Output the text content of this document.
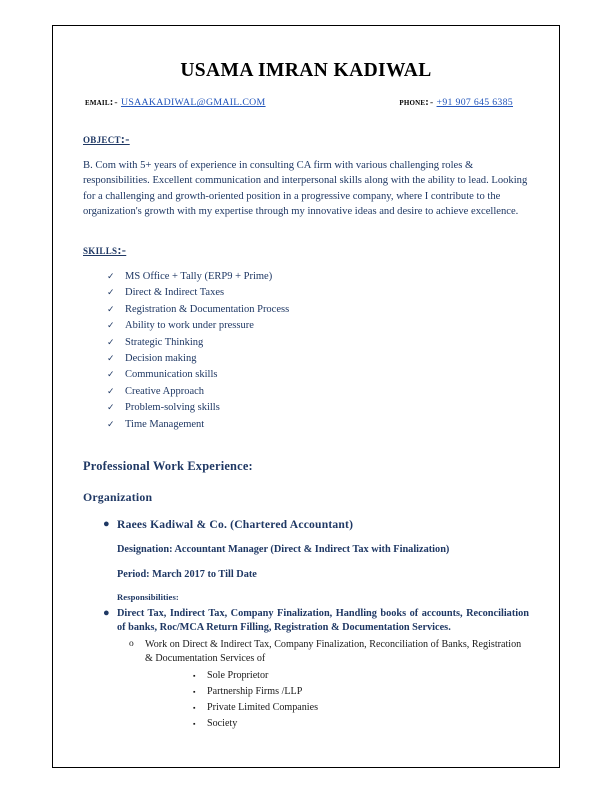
USAMA IMRAN KADIWAL
email:- USAAKADIWAL@GMAIL.COM	phone:- +91 907 645 6385
object:-
B. Com with 5+ years of experience in consulting CA firm with various challenging roles & responsibilities. Excellent communication and interpersonal skills along with the ability to lead. Looking for a challenging and growth-oriented position in a progressive company, where I contribute to the organization's growth with my expertise through my innovative ideas and desire to achieve excellence.
skills:-
✓ MS Office + Tally (ERP9 + Prime)
✓ Direct & Indirect Taxes
✓ Registration & Documentation Process
✓ Ability to work under pressure
✓ Strategic Thinking
✓ Decision making
✓ Communication skills
✓ Creative Approach
✓ Problem-solving skills
✓ Time Management
Professional Work Experience:
Organization
● Raees Kadiwal & Co. (Chartered Accountant)
Designation: Accountant Manager (Direct & Indirect Tax with Finalization)
Period: March 2017 to Till Date
Responsibilities:
● Direct Tax, Indirect Tax, Company Finalization, Handling books of accounts, Reconciliation of banks, Roc/MCA Return Filling, Registration & Documentation Services.
o Work on Direct & Indirect Tax, Company Finalization, Reconciliation of Banks, Registration & Documentation Services of
▪ Sole Proprietor
▪ Partnership Firms /LLP
▪ Private Limited Companies
▪ Society
